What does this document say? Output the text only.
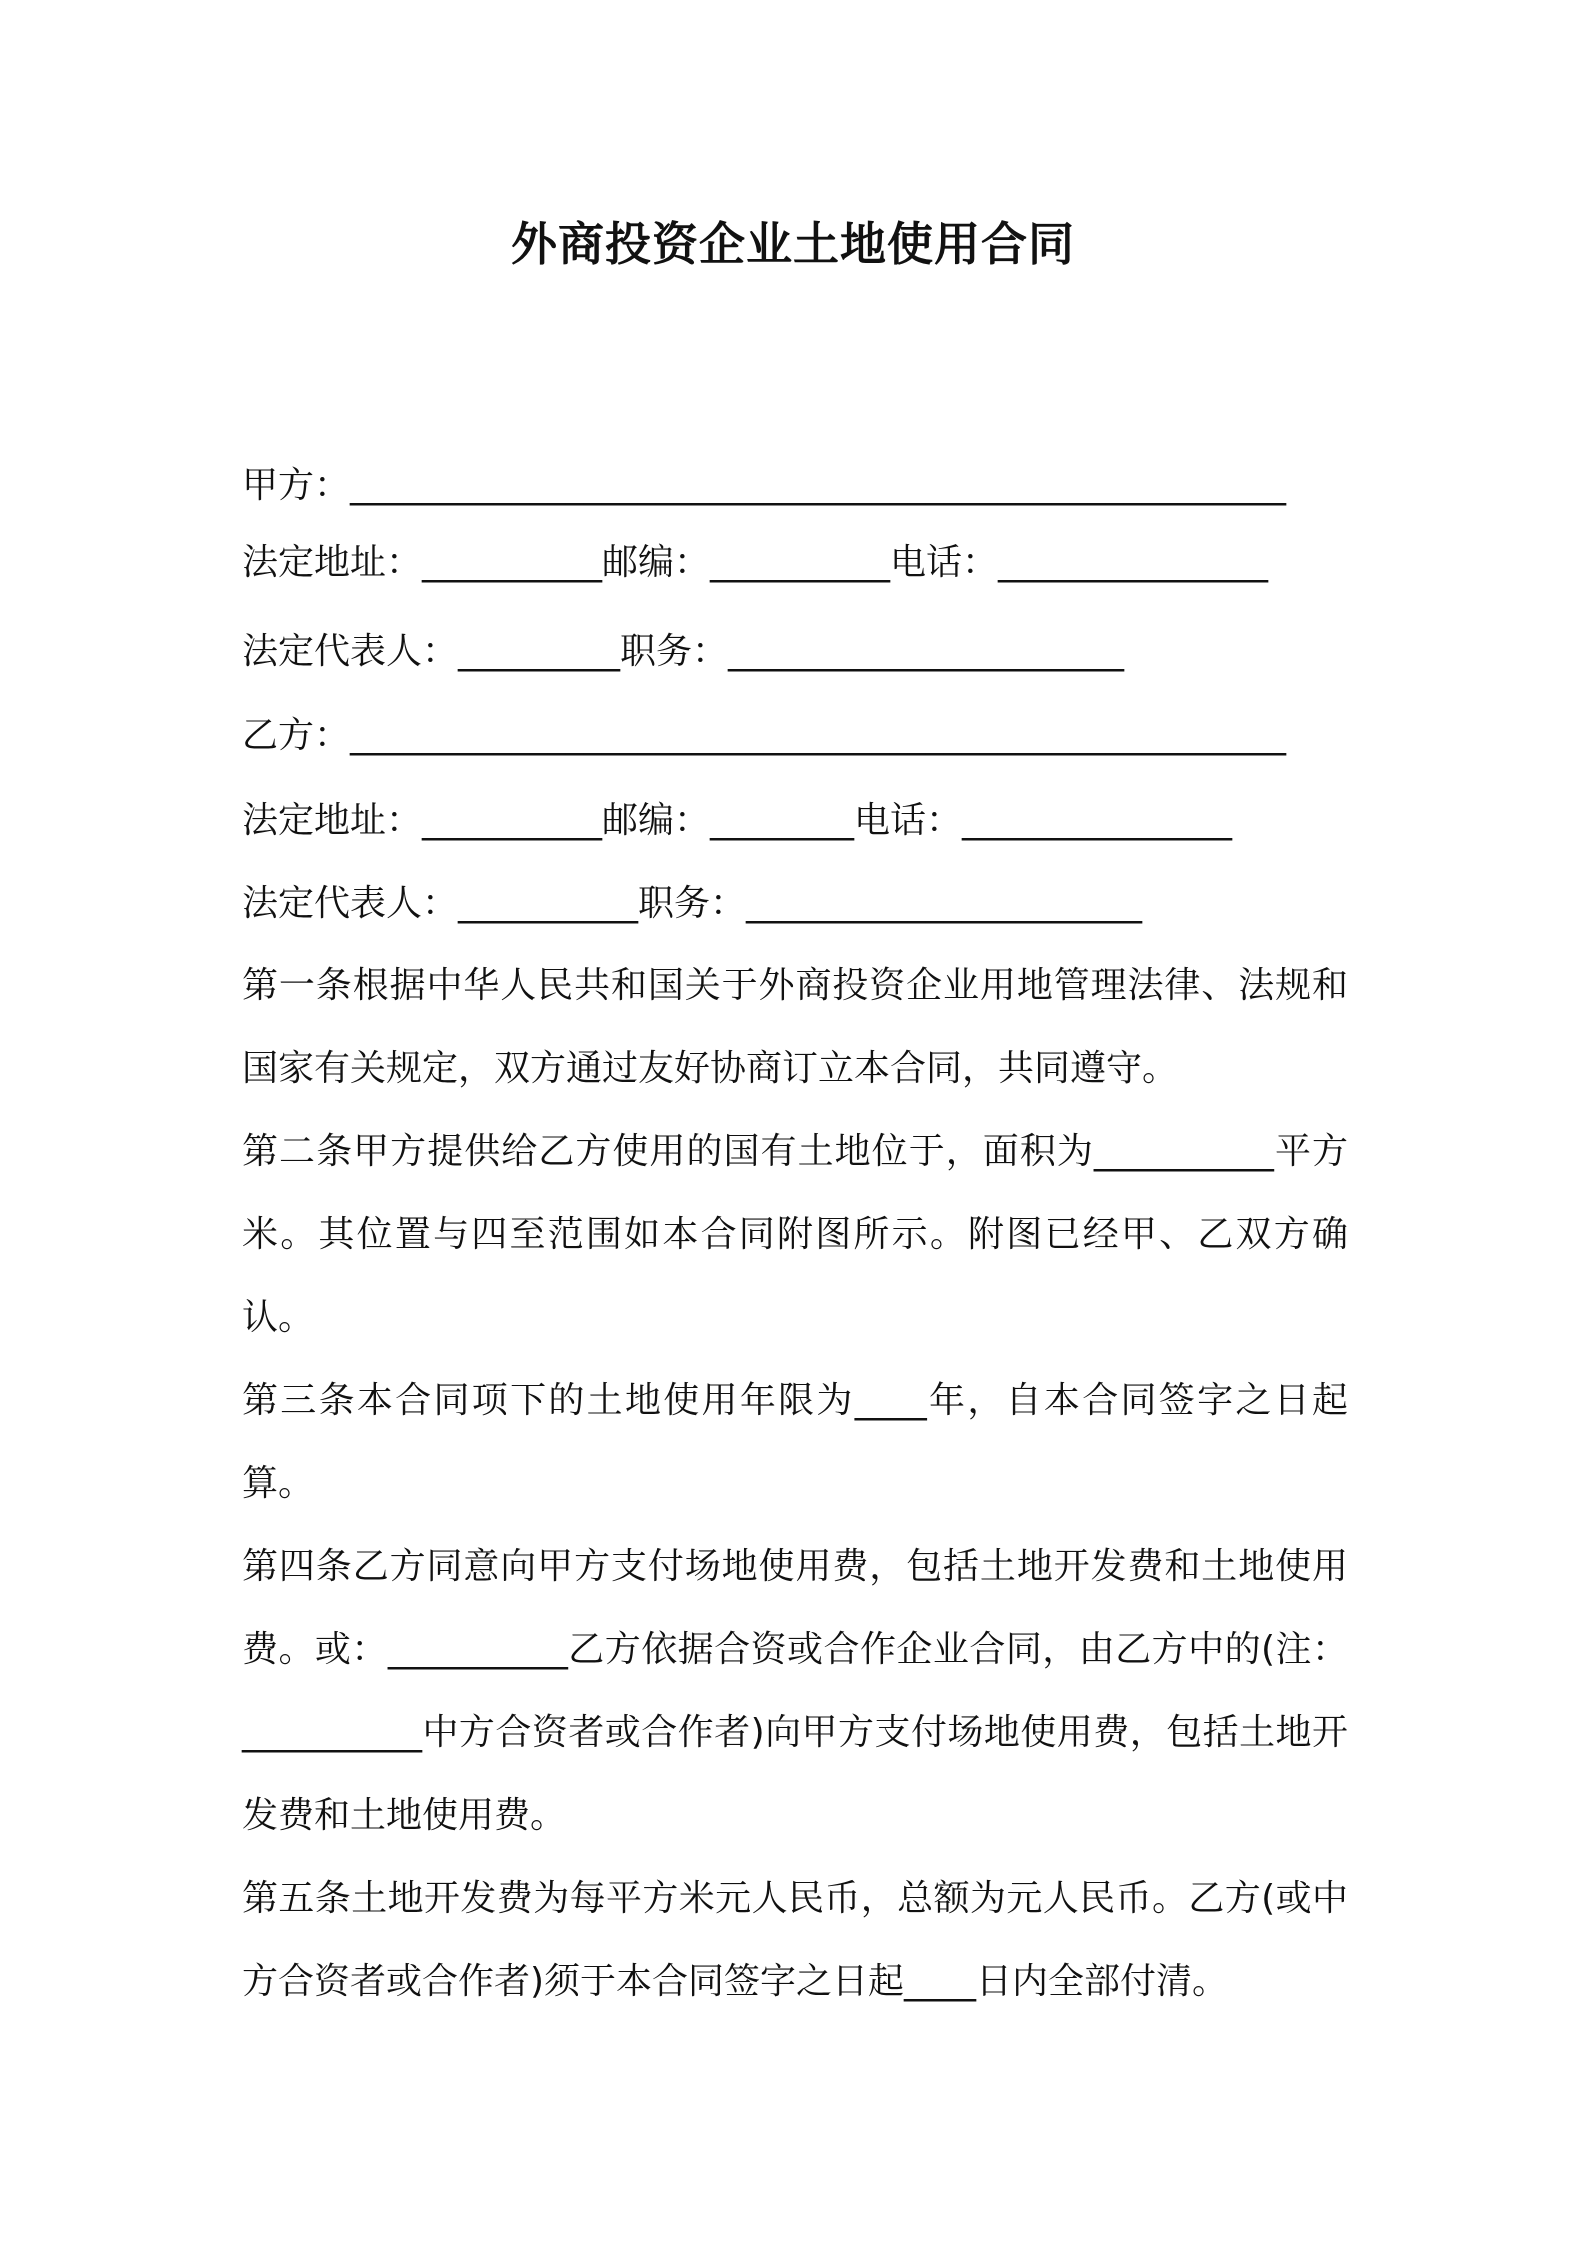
外商投资企业土地使用合同
甲方：____________________________________________________
法定地址：__________邮编：__________电话：_______________
法定代表人：_________职务：______________________
乙方：____________________________________________________
法定地址：__________邮编：________电话：_______________
法定代表人：__________职务：______________________
第一条根据中华人民共和国关于外商投资企业用地管理法律、法规和国家有关规定，双方通过友好协商订立本合同，共同遵守。
第二条甲方提供给乙方使用的国有土地位于，面积为__________平方米。其位置与四至范围如本合同附图所示。附图已经甲、乙双方确认。
第三条本合同项下的土地使用年限为____年，自本合同签字之日起算。
第四条乙方同意向甲方支付场地使用费，包括土地开发费和土地使用费。或：__________乙方依据合资或合作企业合同，由乙方中的(注：__________中方合资者或合作者)向甲方支付场地使用费，包括土地开发费和土地使用费。
第五条土地开发费为每平方米元人民币，总额为元人民币。乙方(或中方合资者或合作者)须于本合同签字之日起____日内全部付清。
